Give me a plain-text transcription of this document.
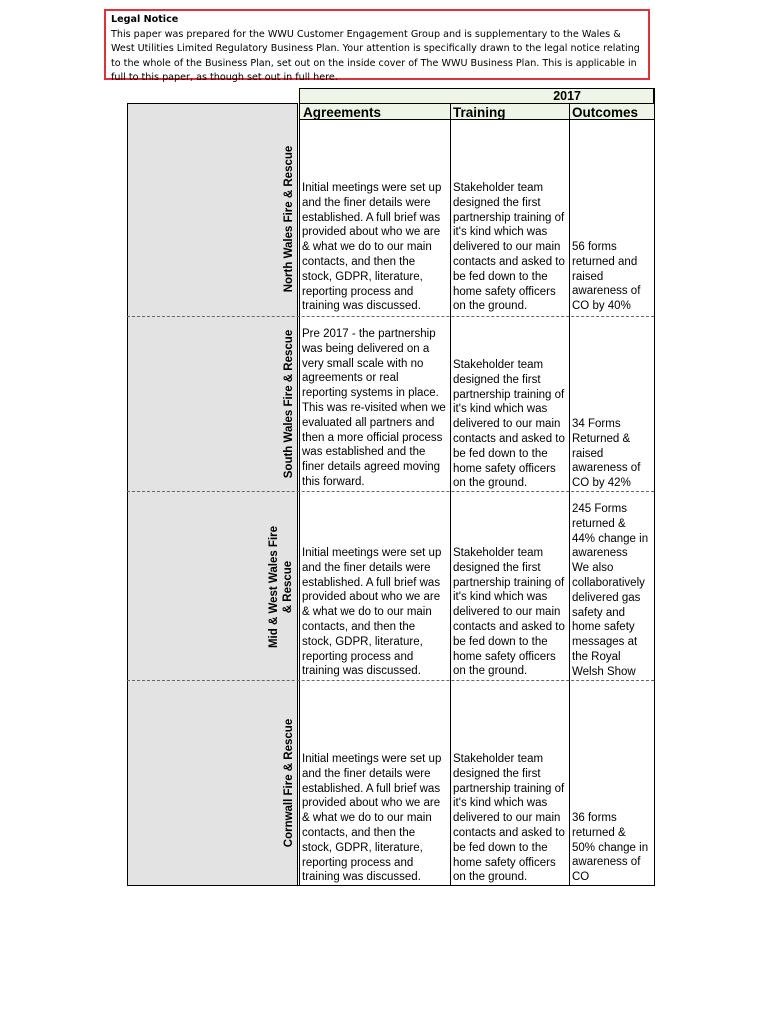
Legal Notice
This paper was prepared for the WWU Customer Engagement Group and is supplementary to the Wales & West Utilities Limited Regulatory Business Plan. Your attention is specifically drawn to the legal notice relating to the whole of the Business Plan, set out on the inside cover of The WWU Business Plan. This is applicable in full to this paper, as though set out in full here.
2017
Agreements	Training	Outcomes
North Wales Fire & Rescue
South Wales Fire & Rescue
Mid & West Wales Fire & Rescue
Cornwall Fire & Rescue
Initial meetings were set up
and the finer details were
established. A full brief was
provided about who we are
& what we do to our main
contacts, and then the
stock, GDPR, literature,
reporting process and
training was discussed.
Stakeholder team
designed the first
partnership training of
it's kind which was
delivered to our main
contacts and asked to
be fed down to the
home safety officers
on the ground.
56 forms
returned and
raised
awareness of
CO by 40%
Pre 2017 - the partnership
was being delivered on a
very small scale with no
agreements or real
reporting systems in place.
This was re-visited when we
evaluated all partners and
then a more official process
was established and the
finer details agreed moving
this forward.
Stakeholder team
designed the first
partnership training of
it's kind which was
delivered to our main
contacts and asked to
be fed down to the
home safety officers
on the ground.
34 Forms
Returned &
raised
awareness of
CO by 42%
Initial meetings were set up
and the finer details were
established. A full brief was
provided about who we are
& what we do to our main
contacts, and then the
stock, GDPR, literature,
reporting process and
training was discussed.
Stakeholder team
designed the first
partnership training of
it's kind which was
delivered to our main
contacts and asked to
be fed down to the
home safety officers
on the ground.
245 Forms
returned &
44% change in
awareness
We also
collaboratively
delivered gas
safety and
home safety
messages at
the Royal
Welsh Show
Initial meetings were set up
and the finer details were
established. A full brief was
provided about who we are
& what we do to our main
contacts, and then the
stock, GDPR, literature,
reporting process and
training was discussed.
Stakeholder team
designed the first
partnership training of
it's kind which was
delivered to our main
contacts and asked to
be fed down to the
home safety officers
on the ground.
36 forms
returned &
50% change in
awareness of
CO
